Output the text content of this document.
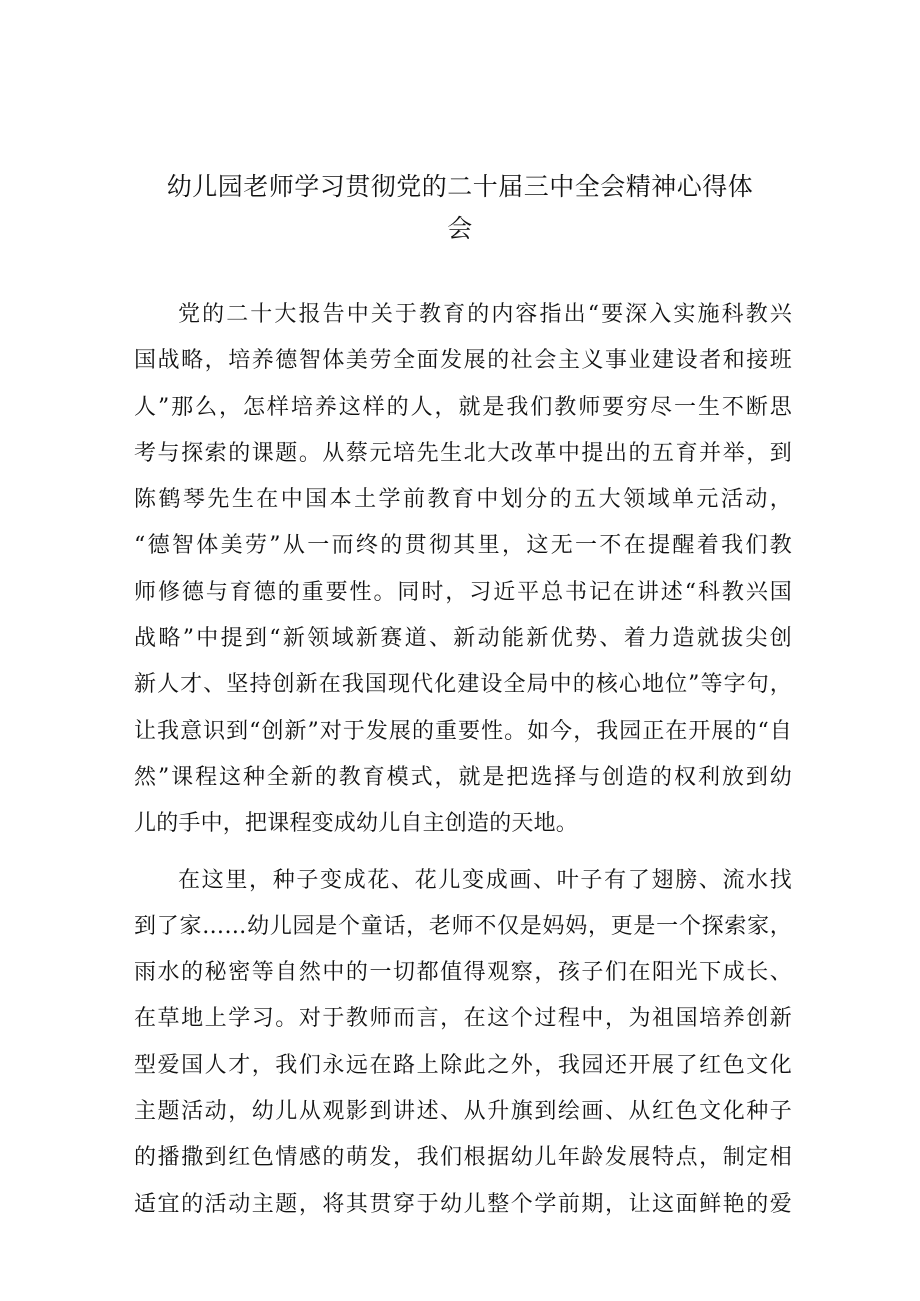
幼儿园老师学习贯彻党的二十届三中全会精神心得体
会
党的二十大报告中关于教育的内容指出“要深入实施科教兴
国战略，培养德智体美劳全面发展的社会主义事业建设者和接班
人”那么，怎样培养这样的人，就是我们教师要穷尽一生不断思
考与探索的课题。从蔡元培先生北大改革中提出的五育并举，到
陈鹤琴先生在中国本土学前教育中划分的五大领域单元活动，
“德智体美劳”从一而终的贯彻其里，这无一不在提醒着我们教
师修德与育德的重要性。同时，习近平总书记在讲述“科教兴国
战略”中提到“新领域新赛道、新动能新优势、着力造就拔尖创
新人才、坚持创新在我国现代化建设全局中的核心地位”等字句，
让我意识到“创新”对于发展的重要性。如今，我园正在开展的“自
然”课程这种全新的教育模式，就是把选择与创造的权利放到幼
儿的手中，把课程变成幼儿自主创造的天地。
在这里，种子变成花、花儿变成画、叶子有了翅膀、流水找
到了家……幼儿园是个童话，老师不仅是妈妈，更是一个探索家，
雨水的秘密等自然中的一切都值得观察，孩子们在阳光下成长、
在草地上学习。对于教师而言，在这个过程中，为祖国培养创新
型爱国人才，我们永远在路上除此之外，我园还开展了红色文化
主题活动，幼儿从观影到讲述、从升旗到绘画、从红色文化种子
的播撒到红色情感的萌发，我们根据幼儿年龄发展特点，制定相
适宜的活动主题，将其贯穿于幼儿整个学前期，让这面鲜艳的爱
